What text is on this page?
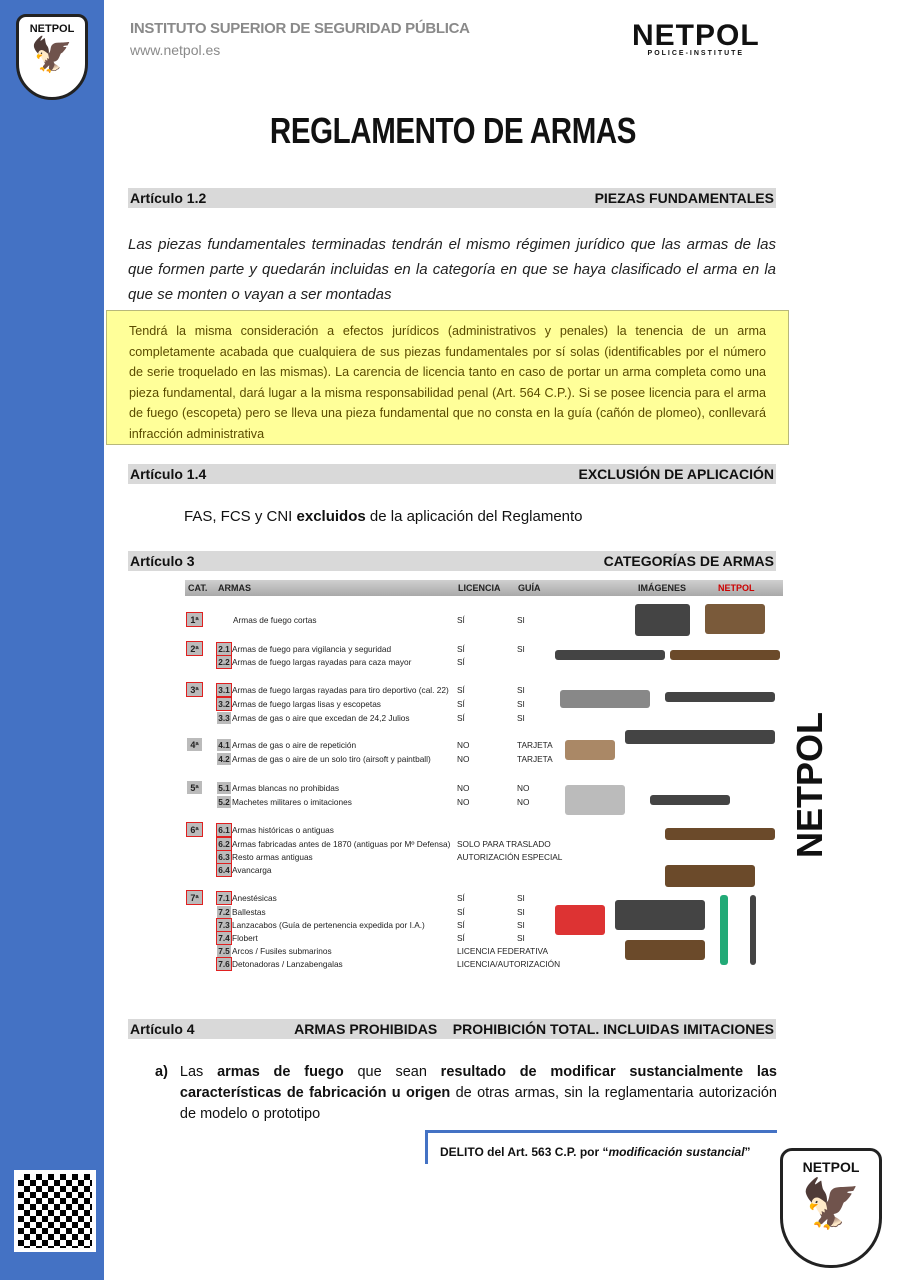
NETPOL
🦅
INSTITUTO SUPERIOR DE SEGURIDAD PÚBLICA
www.netpol.es	NETPOL
POLICE-INSTITUTE
REGLAMENTO DE ARMAS
Artículo 1.2	PIEZAS FUNDAMENTALES
Las piezas fundamentales terminadas tendrán el mismo régimen jurídico que las armas de las que formen parte y quedarán incluidas en la categoría en que se haya clasificado el arma en la que se monten o vayan a ser montadas
Tendrá la misma consideración a efectos jurídicos (administrativos y penales) la tenencia de un arma completamente acabada que cualquiera de sus piezas fundamentales por sí solas (identificables por el número de serie troquelado en las mismas). La carencia de licencia tanto en caso de portar un arma completa como una pieza fundamental, dará lugar a la misma responsabilidad penal (Art. 564 C.P.). Si se posee licencia para el arma de fuego (escopeta) pero se lleva una pieza fundamental que no consta en la guía (cañón de plomeo), conllevará infracción administrativa
Artículo 1.4	EXCLUSIÓN DE APLICACIÓN
FAS, FCS y CNI excluidos de la aplicación del Reglamento
Artículo 3	CATEGORÍAS DE ARMAS
CAT.	ARMAS	LICENCIA	GUÍA	IMÁGENES	NETPOL
1ª	Armas de fuego cortas	SÍ	SI
2ª	2.1 Armas de fuego para vigilancia y seguridad	SÍ	SI
2.2 Armas de fuego largas rayadas para caza mayor	SÍ
3ª	3.1 Armas de fuego largas rayadas para tiro deportivo (cal. 22) SÍ	SI
3.2 Armas de fuego largas lisas y escopetas	SÍ	SI
3.3 Armas de gas o aire que excedan de 24,2 Julios	SÍ	SI
4ª	4.1 Armas de gas o aire de repetición	NO	TARJETA
4.2 Armas de gas o aire de un solo tiro (airsoft y paintball)	NO	TARJETA
5ª	5.1 Armas blancas no prohibidas	NO	NO
5.2 Machetes militares o imitaciones	NO	NO
6ª	6.1 Armas históricas o antiguas
6.2 Armas fabricadas antes de 1870 (antiguas por Mº Defensa) SOLO PARA TRASLADO
6.3 Resto armas antiguas	AUTORIZACIÓN ESPECIAL
6.4 Avancarga
7ª	7.1 Anestésicas	SÍ	SI
7.2 Ballestas	SÍ	SI
7.3 Lanzacabos (Guía de pertenencia expedida por I.A.)	SÍ	SI
7.4 Flobert	SÍ	SI
7.5 Arcos / Fusiles submarinos	LICENCIA FEDERATIVA
7.6 Detonadoras / Lanzabengalas	LICENCIA/AUTORIZACIÓN
NETPOL
Artículo 4	ARMAS PROHIBIDAS    PROHIBICIÓN TOTAL. INCLUIDAS IMITACIONES
a) Las armas de fuego que sean resultado de modificar sustancialmente las características de fabricación u origen de otras armas, sin la reglamentaria autorización de modelo o prototipo
DELITO del Art. 563 C.P. por “modificación sustancial”
NETPOL
🦅
